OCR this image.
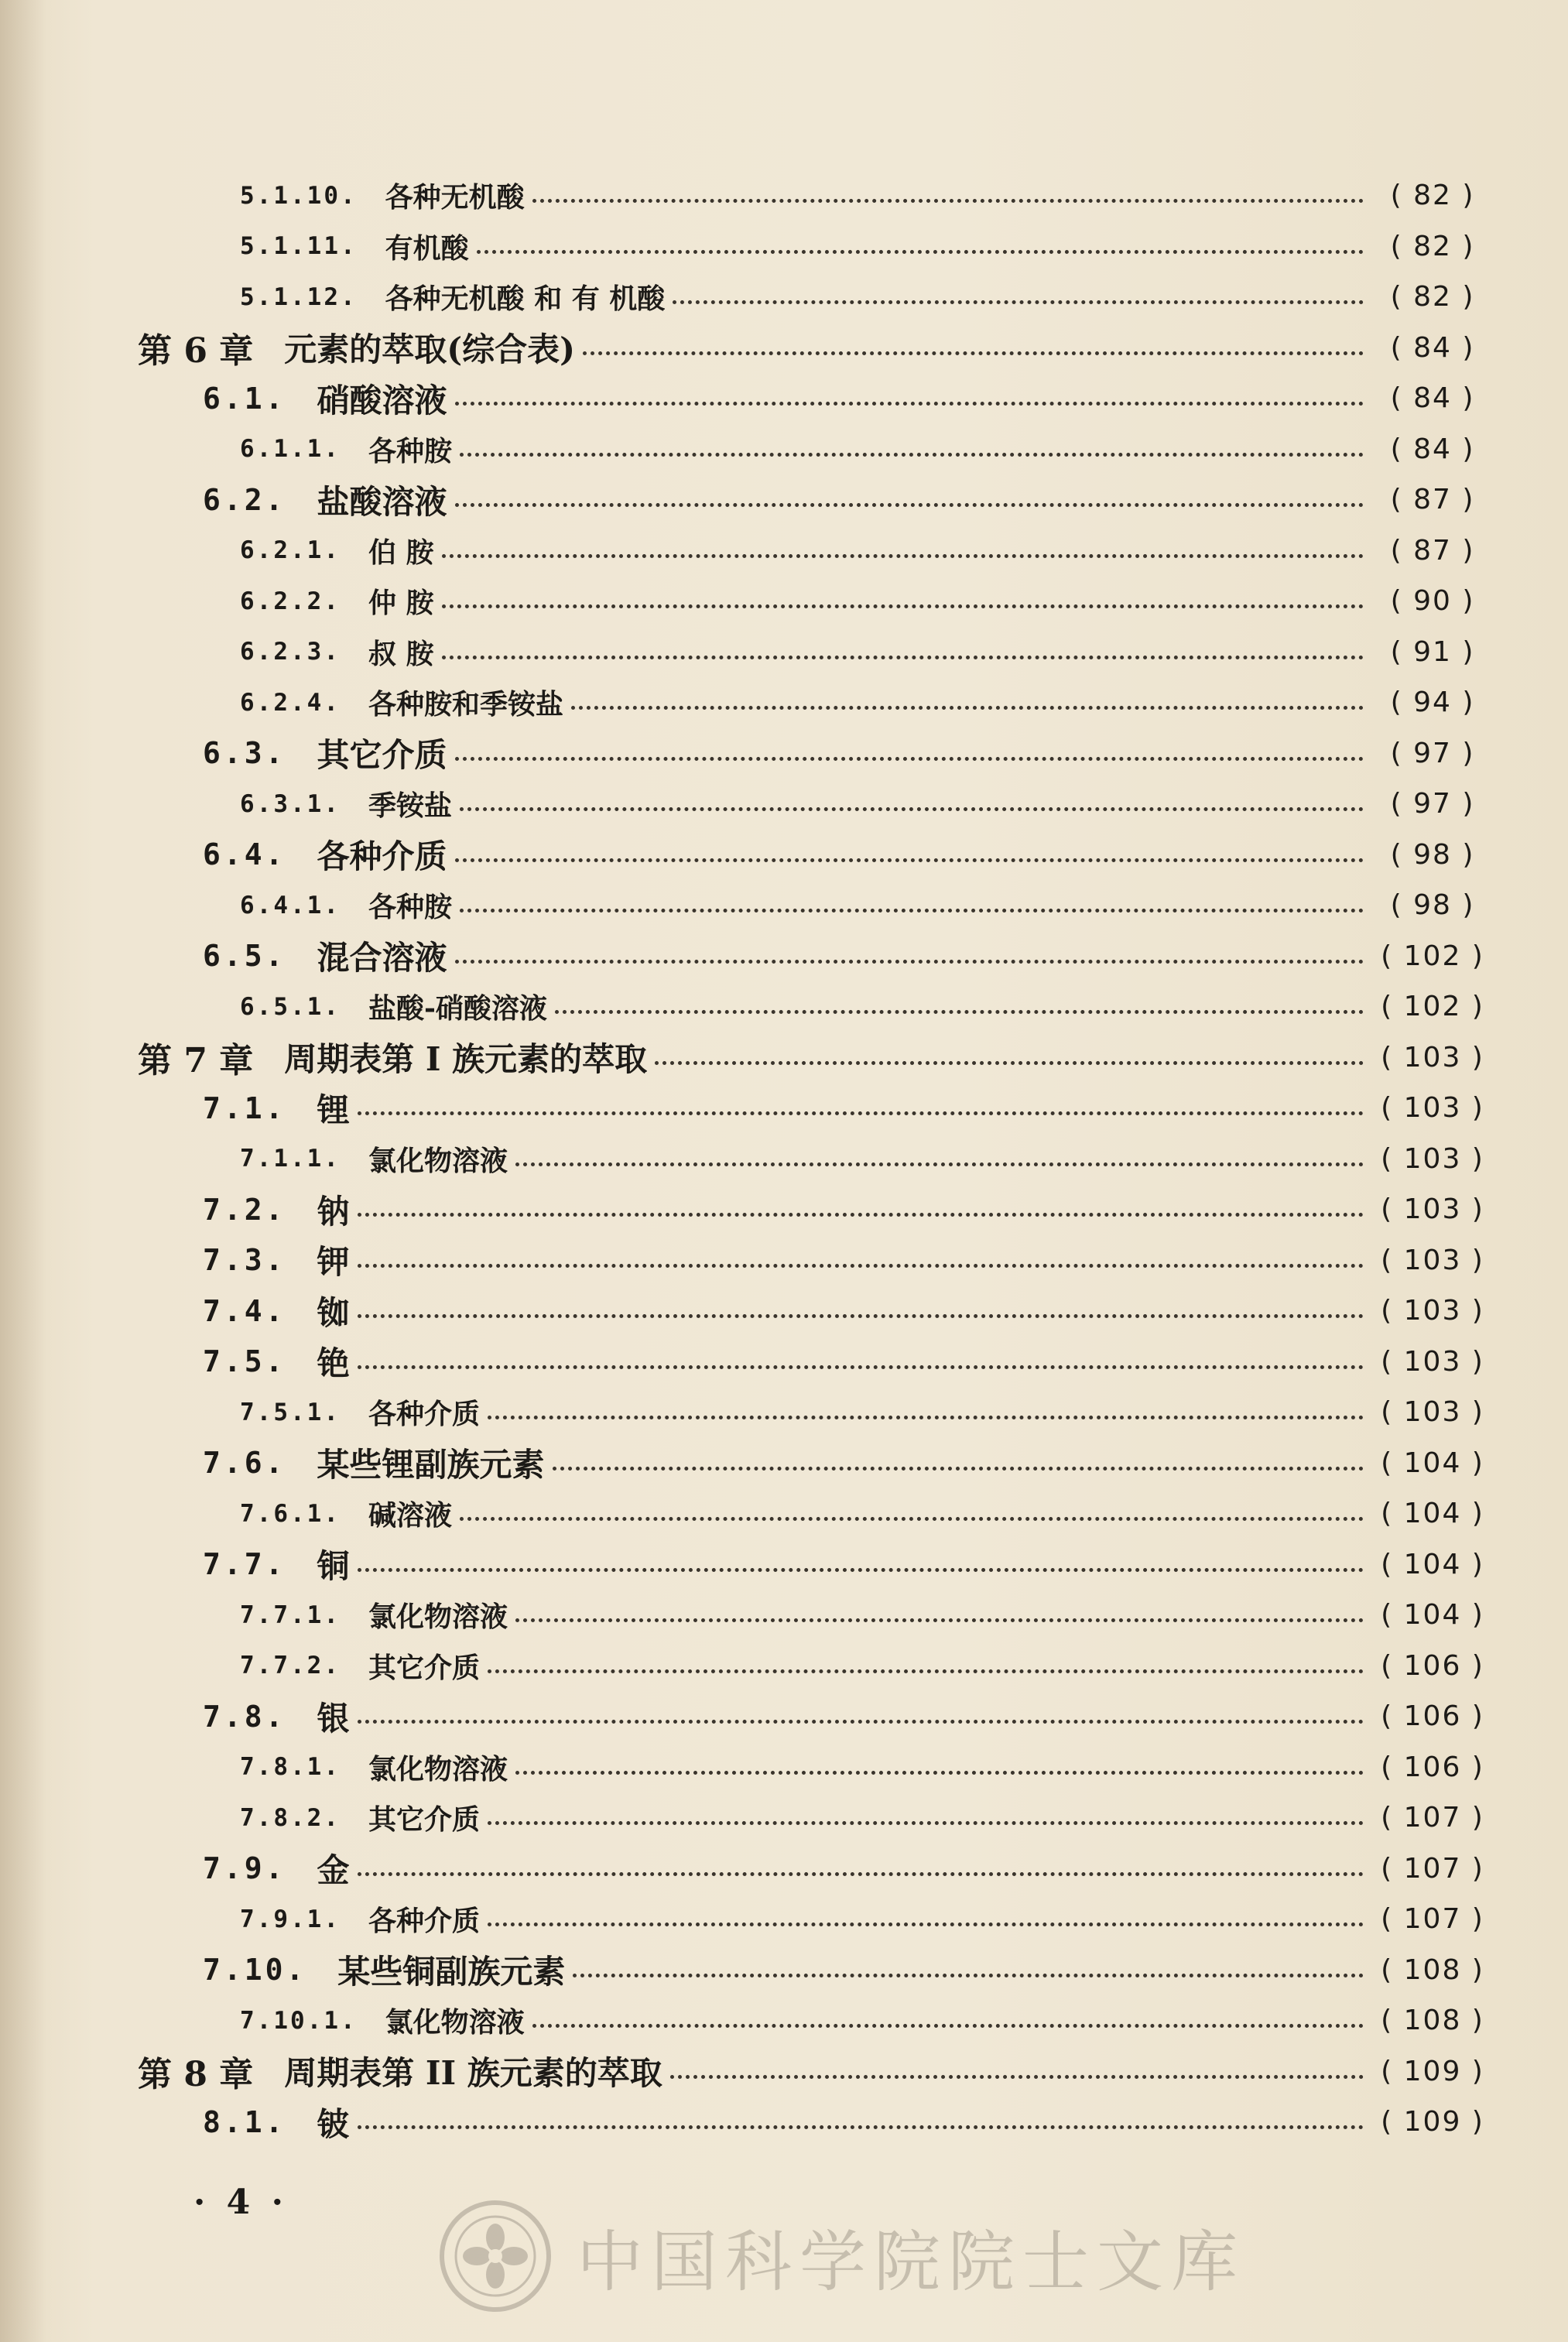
5.1.10. 各种无机酸	( 82 )
5.1.11. 有机酸	( 82 )
5.1.12. 各种无机酸 和 有 机酸	( 82 )
第 6 章 元素的萃取(综合表)	( 84 )
6.1. 硝酸溶液	( 84 )
6.1.1. 各种胺	( 84 )
6.2. 盐酸溶液	( 87 )
6.2.1. 伯 胺	( 87 )
6.2.2. 仲 胺	( 90 )
6.2.3. 叔 胺	( 91 )
6.2.4. 各种胺和季铵盐	( 94 )
6.3. 其它介质	( 97 )
6.3.1. 季铵盐	( 97 )
6.4. 各种介质	( 98 )
6.4.1. 各种胺	( 98 )
6.5. 混合溶液	( 102 )
6.5.1. 盐酸-硝酸溶液	( 102 )
第 7 章 周期表第 I 族元素的萃取	( 103 )
7.1. 锂	( 103 )
7.1.1. 氯化物溶液	( 103 )
7.2. 钠	( 103 )
7.3. 钾	( 103 )
7.4. 铷	( 103 )
7.5. 铯	( 103 )
7.5.1. 各种介质	( 103 )
7.6. 某些锂副族元素	( 104 )
7.6.1. 碱溶液	( 104 )
7.7. 铜	( 104 )
7.7.1. 氯化物溶液	( 104 )
7.7.2. 其它介质	( 106 )
7.8. 银	( 106 )
7.8.1. 氯化物溶液	( 106 )
7.8.2. 其它介质	( 107 )
7.9. 金	( 107 )
7.9.1. 各种介质	( 107 )
7.10. 某些铜副族元素	( 108 )
7.10.1. 氯化物溶液	( 108 )
第 8 章 周期表第 II 族元素的萃取	( 109 )
8.1. 铍	( 109 )
· 4 ·
中国科学院院士文库
